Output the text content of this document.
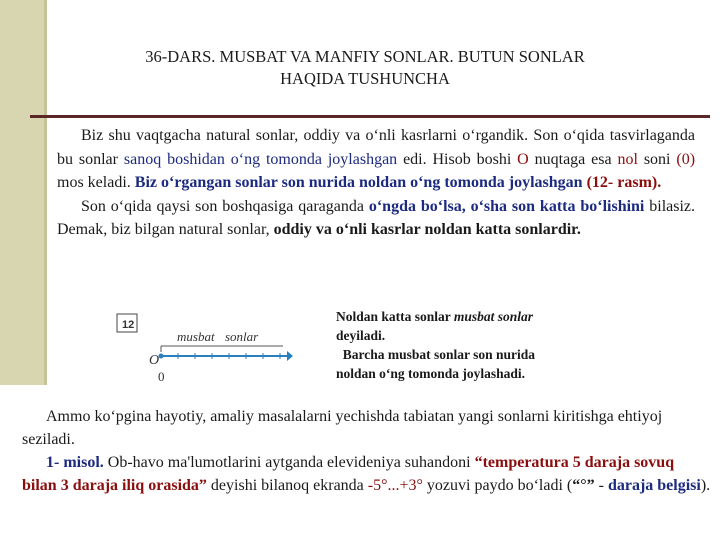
36-DARS. MUSBAT VA MANFIY SONLAR. BUTUN SONLAR
HAQIDA TUSHUNCHA
Biz shu vaqtgacha natural sonlar, oddiy va o‘nli kasrlarni o‘rgandik. Son o‘qida tasvirlaganda bu sonlar sanoq boshidan o‘ng tomonda joylashgan edi. Hisob boshi O nuqtaga esa nol soni (0) mos keladi. Biz o‘rgangan sonlar son nurida noldan o‘ng tomonda joylashgan (12- rasm).
Son o‘qida qaysi son boshqasiga qaraganda o‘ngda bo‘lsa, o‘sha son katta bo‘lishini bilasiz. Demak, biz bilgan natural sonlar, oddiy va o‘nli kasrlar noldan katta sonlardir.
12
musbat sonlar
O
0
Noldan katta sonlar musbat sonlar
deyiladi.
Barcha musbat sonlar son nurida
noldan o‘ng tomonda joylashadi.
Ammo ko‘pgina hayotiy, amaliy masalalarni yechishda tabiatan yangi sonlarni kiritishga ehtiyoj seziladi.
1- misol. Ob-havo ma'lumotlarini aytganda elevideniya suhandoni “temperatura 5 daraja sovuq bilan 3 daraja iliq orasida” deyishi bilanoq ekranda -5°...+3° yozuvi paydo bo‘ladi (“°” - daraja belgisi).
